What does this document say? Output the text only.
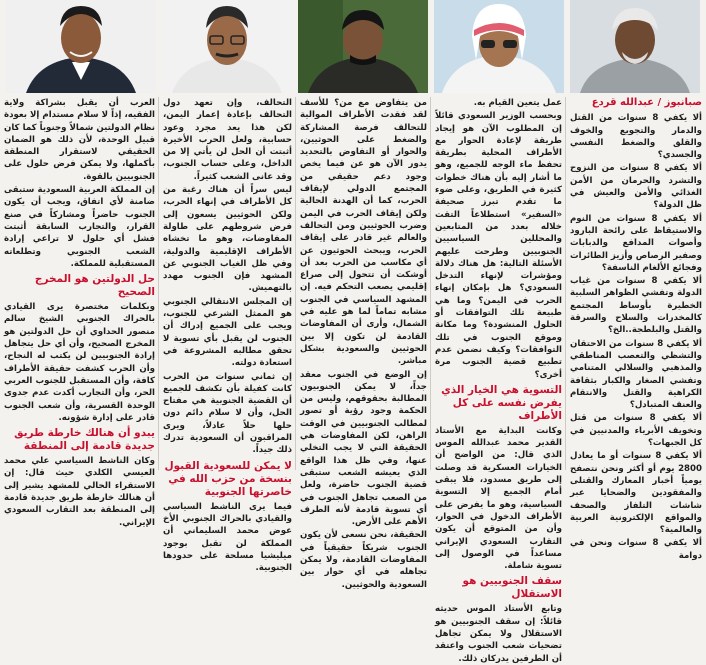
صبانبوز / عبدالله قردع

ألا يكفي 8 سنوات من القتل والدمار والتجويع والخوف والقلق والضغط النفسي والجسدي؟

ألا يكفي 8 سنوات من النزوح والتشرد والحرمان من الأمن الغذائي والأمن والعيش في ظل الدولة؟

ألا يكفي 8 سنوات من النوم والاستيقاظ على رائحة البارود وأصوات المدافع والدبابات وصفير الرصاص وأزيز الطائرات وفجائع الألغام الناسفة؟

ألا يكفي 8 سنوات من غياب الدولة وتفشي الظواهر السلبية الخطيرة بأوساط المجتمع كالمخدرات والسلاح والسرقة والقتل والبلطجة..الخ؟

ألا يكفي 8 سنوات من الاحتقان والتشظي والتعصب المناطقي والمذهبي والسلالي المتنامي وتفشي الصغار والكبار بثقافة الكراهية والقتل والانتقام والعنف المتبادل؟

ألا يكفي 8 سنوات من قتل وتخويف الأبرياء والمدنيين في كل الجبهات؟

ألا يكفي 8 سنوات أو ما يعادل 2800 يوم أو أكثر ونحن نتصفح يومياً أخبار المعارك والقتلى والمفقودين والضحايا عبر شاشات التلفاز والصحف والمواقع الإلكترونية العربية والعالمية؟

ألا يكفي 8 سنوات ونحن في دوامة

عمل يتعين القيام به.

وبحسب الوزير السعودي قائلاً إن المطلوب الآن هو إيجاد طريقة لإعادة الحوار مع الأطراف المحلية بطريقة تحفظ ماء الوجه للجميع، وهو ما أشار إليه بأن هناك خطوات كثيرة في الطريق، وعلى ضوء ما تقدم تبرز صحيفة «السفير» استطلاعاً التقت خلاله بعدد من المتابعين والمحللين السياسيين الجنوبيين وطرحت عليهم الأسئلة التالية: هل هناك دلالة ومؤشرات لإنهاء التدخل السعودي؟ هل بإمكان إنهاء الحرب في اليمن؟ وما هي طبيعة تلك التوافقات أو الحلول المنشودة؟ وما مكانة وموقع الجنوب في تلك التوافقات؟ وكيف نضمن عدم تطبيع قضية الجنوب مرة أخرى؟

التسوية هي الخيار الذي يفرض نفسه على كل الأطراف

وكانت البداية مع الأستاذ القدير محمد عبدالله الموس الذي قال: من الواضح أن الخيارات العسكرية قد وصلت إلى طريق مسدود، فلا يبقى أمام الجميع إلا التسوية السياسية، وهو ما يفرض على الأطراف الدخول في الحوار، وأن من المتوقع أن يكون التقارب السعودي الإيراني مساعداً في الوصول إلى تسوية شاملة.

سقف الجنوبيين هو الاستقلال

وتابع الأستاذ الموس حديثه قائلاً: إن سقف الجنوبيين هو الاستقلال ولا يمكن تجاهل تضحيات شعب الجنوب واعتقد أن الطرفين يدركان ذلك.

من يتفاوض مع من؟ للأسف لقد فقدت الأطراف الموالية للتحالف فرصة المشاركة والضغط على الحوثيين، والحوار أو التفاوض بالتحديد يدور الآن هو عن فيما يخص وجود دعم حقيقي من المجتمع الدولي لإيقاف الحرب، كما أن الهدنة الحالية ولكن إيقاف الحرب في اليمن وضرب الحوثيين ومن التحالف والعالم غير قادر على إيقاف الحرب، ويبحث الحوثيون عن أي مكاسب من الحرب بعد أن أوشكت أن تتحول إلى صراع إقليمي يصعب التحكم فيه. إن المشهد السياسي في الجنوب مشابه تماماً لما هو عليه في الشمال، وأرى أن المفاوضات القادمة لن تكون إلا بين الحوثيين والسعودية بشكل مباشر.

إن الوضع في الجنوب معقد جداً، لا يمكن الجنوبيون المطالبة بحقوقهم، وليس من الحكمة وجود رؤية أو تصور لمطالب الجنوبيين في الوقت الراهن، لكن المفاوضات هي الحقيقة التي لا يجب التخلي عنها، وفي ظل هذا الواقع الذي يعيشه الشعب ستبقى قضية الجنوب حاضرة، ولعل من الصعب تجاهل الجنوب في أي تسوية قادمة لأنه الطرف الأهم على الأرض.

الحقيقة، نحن نسعى لأن يكون الجنوب شريكاً حقيقياً في المفاوضات القادمة، ولا يمكن تجاهله في أي حوار بين السعودية والحوثيين.

التحالف، وإن تعهد دول التحالف بإعادة إعمار اليمن، لكن هذا يعد مجرد وعود حسابية، ولعل الحرب الأخيرة أثبتت أن الحل لن يأتي إلا من الداخل، وعلى حساب الجنوب، وقد عانى الشعب كثيراً.

ليس سراً أن هناك رغبة من كل الأطراف في إنهاء الحرب، ولكن الحوثيين يسعون إلى فرض شروطهم على طاولة المفاوضات، وهو ما تخشاه الأطراف الإقليمية والدولية، وفي ظل الغياب الجنوبي عن المشهد فإن الجنوب مهدد بالتهميش.

إن المجلس الانتقالي الجنوبي هو الممثل الشرعي للجنوب، ويجب على الجميع إدراك أن الجنوب لن يقبل بأي تسوية لا تحقق مطالبه المشروعة في استعادة دولته.

إن ثماني سنوات من الحرب كانت كفيلة بأن تكشف للجميع أن القضية الجنوبية هي مفتاح الحل، وأن لا سلام دائم دون حلها حلاً عادلاً، ويرى المراقبون أن السعودية تدرك ذلك جيداً.

لا يمكن للسعودية القبول بنسخة من حزب الله في خاصرتها الجنوبية

فيما يرى الناشط السياسي والقيادي بالحراك الجنوبي الأخ عوض محمد السليماني أن المملكة لن تقبل بوجود ميليشيا مسلحة على حدودها الجنوبية.

العرب أن يقبل بشراكة ولاية الفقيه، إذاً لا سلام مستدام إلا بعودة نظام الدولتين شمالاً وجنوباً كما كان قبيل الوحدة، لأن ذلك هو الضمان الحقيقي لاستقرار المنطقة بأكملها، ولا يمكن فرض حلول على الجنوبيين بالقوة.

إن المملكة العربية السعودية ستبقى ضامنة لأي اتفاق، ويجب أن يكون الجنوب حاضراً ومشاركاً في صنع القرار، والتجارب السابقة أثبتت فشل أي حلول لا تراعي إرادة الشعب الجنوبي وتطلعاته المستقبلية للمملكة.

حل الدولتين هو المخرج الصحيح

وبكلمات مختصرة يرى القيادي بالحراك الجنوبي الشيخ سالم منصور الحداوي أن حل الدولتين هو المخرج الصحيح، وأن أي حل يتجاهل إرادة الجنوبيين لن يكتب له النجاح، وأن الحرب كشفت حقيقة الأطراف كافة، وأن المستقبل للجنوب العربي الحر، وأن التجارب أكدت عدم جدوى الوحدة القسرية، وأن شعب الجنوب قادر على إدارة شؤونه.

يبدو أن هنالك خارطة طريق جديدة قادمة إلى المنطقة

وكان الناشط السياسي علي محمد العيسي الكلدي حيث قال: إن الاستقراء الحالي للمشهد يشير إلى أن هنالك خارطة طريق جديدة قادمة إلى المنطقة بعد التقارب السعودي الإيراني.
